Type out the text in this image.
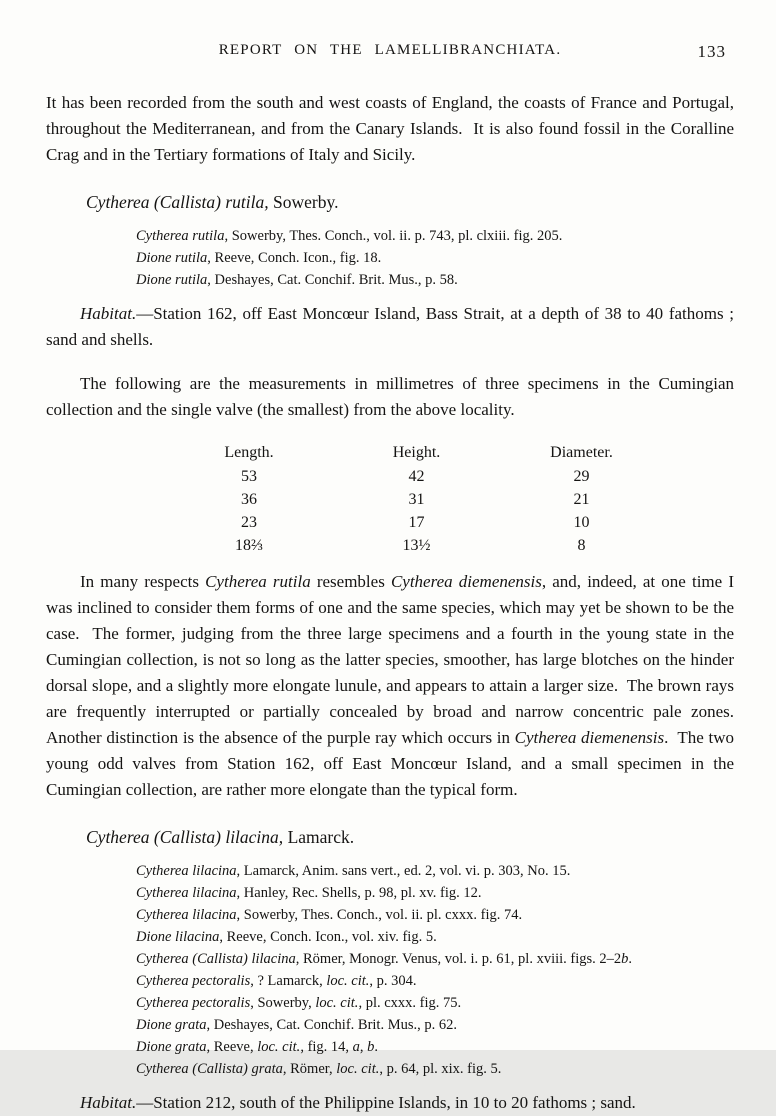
REPORT ON THE LAMELLIBRANCHIATA.	133

It has been recorded from the south and west coasts of England, the coasts of France and Portugal, throughout the Mediterranean, and from the Canary Islands.  It is also found fossil in the Coralline Crag and in the Tertiary formations of Italy and Sicily.

Cytherea (Callista) rutila, Sowerby.

Cytherea rutila, Sowerby, Thes. Conch., vol. ii. p. 743, pl. clxiii. fig. 205.

Dione rutila, Reeve, Conch. Icon., fig. 18.

Dione rutila, Deshayes, Cat. Conchif. Brit. Mus., p. 58.

Habitat.—Station 162, off East Moncœur Island, Bass Strait, at a depth of 38 to 40 fathoms ; sand and shells.

The following are the measurements in millimetres of three specimens in the Cumingian collection and the single valve (the smallest) from the above locality.

Length.	Height.	Diameter.
53	42	29
36	31	21
23	17	10
18⅔	13½	8

In many respects Cytherea rutila resembles Cytherea diemenensis, and, indeed, at one time I was inclined to consider them forms of one and the same species, which may yet be shown to be the case.  The former, judging from the three large specimens and a fourth in the young state in the Cumingian collection, is not so long as the latter species, smoother, has large blotches on the hinder dorsal slope, and a slightly more elongate lunule, and appears to attain a larger size.  The brown rays are frequently interrupted or partially concealed by broad and narrow concentric pale zones.  Another distinction is the absence of the purple ray which occurs in Cytherea diemenensis.  The two young odd valves from Station 162, off East Moncœur Island, and a small specimen in the Cumingian collection, are rather more elongate than the typical form.

Cytherea (Callista) lilacina, Lamarck.

Cytherea lilacina, Lamarck, Anim. sans vert., ed. 2, vol. vi. p. 303, No. 15.

Cytherea lilacina, Hanley, Rec. Shells, p. 98, pl. xv. fig. 12.

Cytherea lilacina, Sowerby, Thes. Conch., vol. ii. pl. cxxx. fig. 74.

Dione lilacina, Reeve, Conch. Icon., vol. xiv. fig. 5.

Cytherea (Callista) lilacina, Römer, Monogr. Venus, vol. i. p. 61, pl. xviii. figs. 2–2b.

Cytherea pectoralis, ? Lamarck, loc. cit., p. 304.

Cytherea pectoralis, Sowerby, loc. cit., pl. cxxx. fig. 75.

Dione grata, Deshayes, Cat. Conchif. Brit. Mus., p. 62.

Dione grata, Reeve, loc. cit., fig. 14, a, b.

Cytherea (Callista) grata, Römer, loc. cit., p. 64, pl. xix. fig. 5.

Habitat.—Station 212, south of the Philippine Islands, in 10 to 20 fathoms ; sand.
